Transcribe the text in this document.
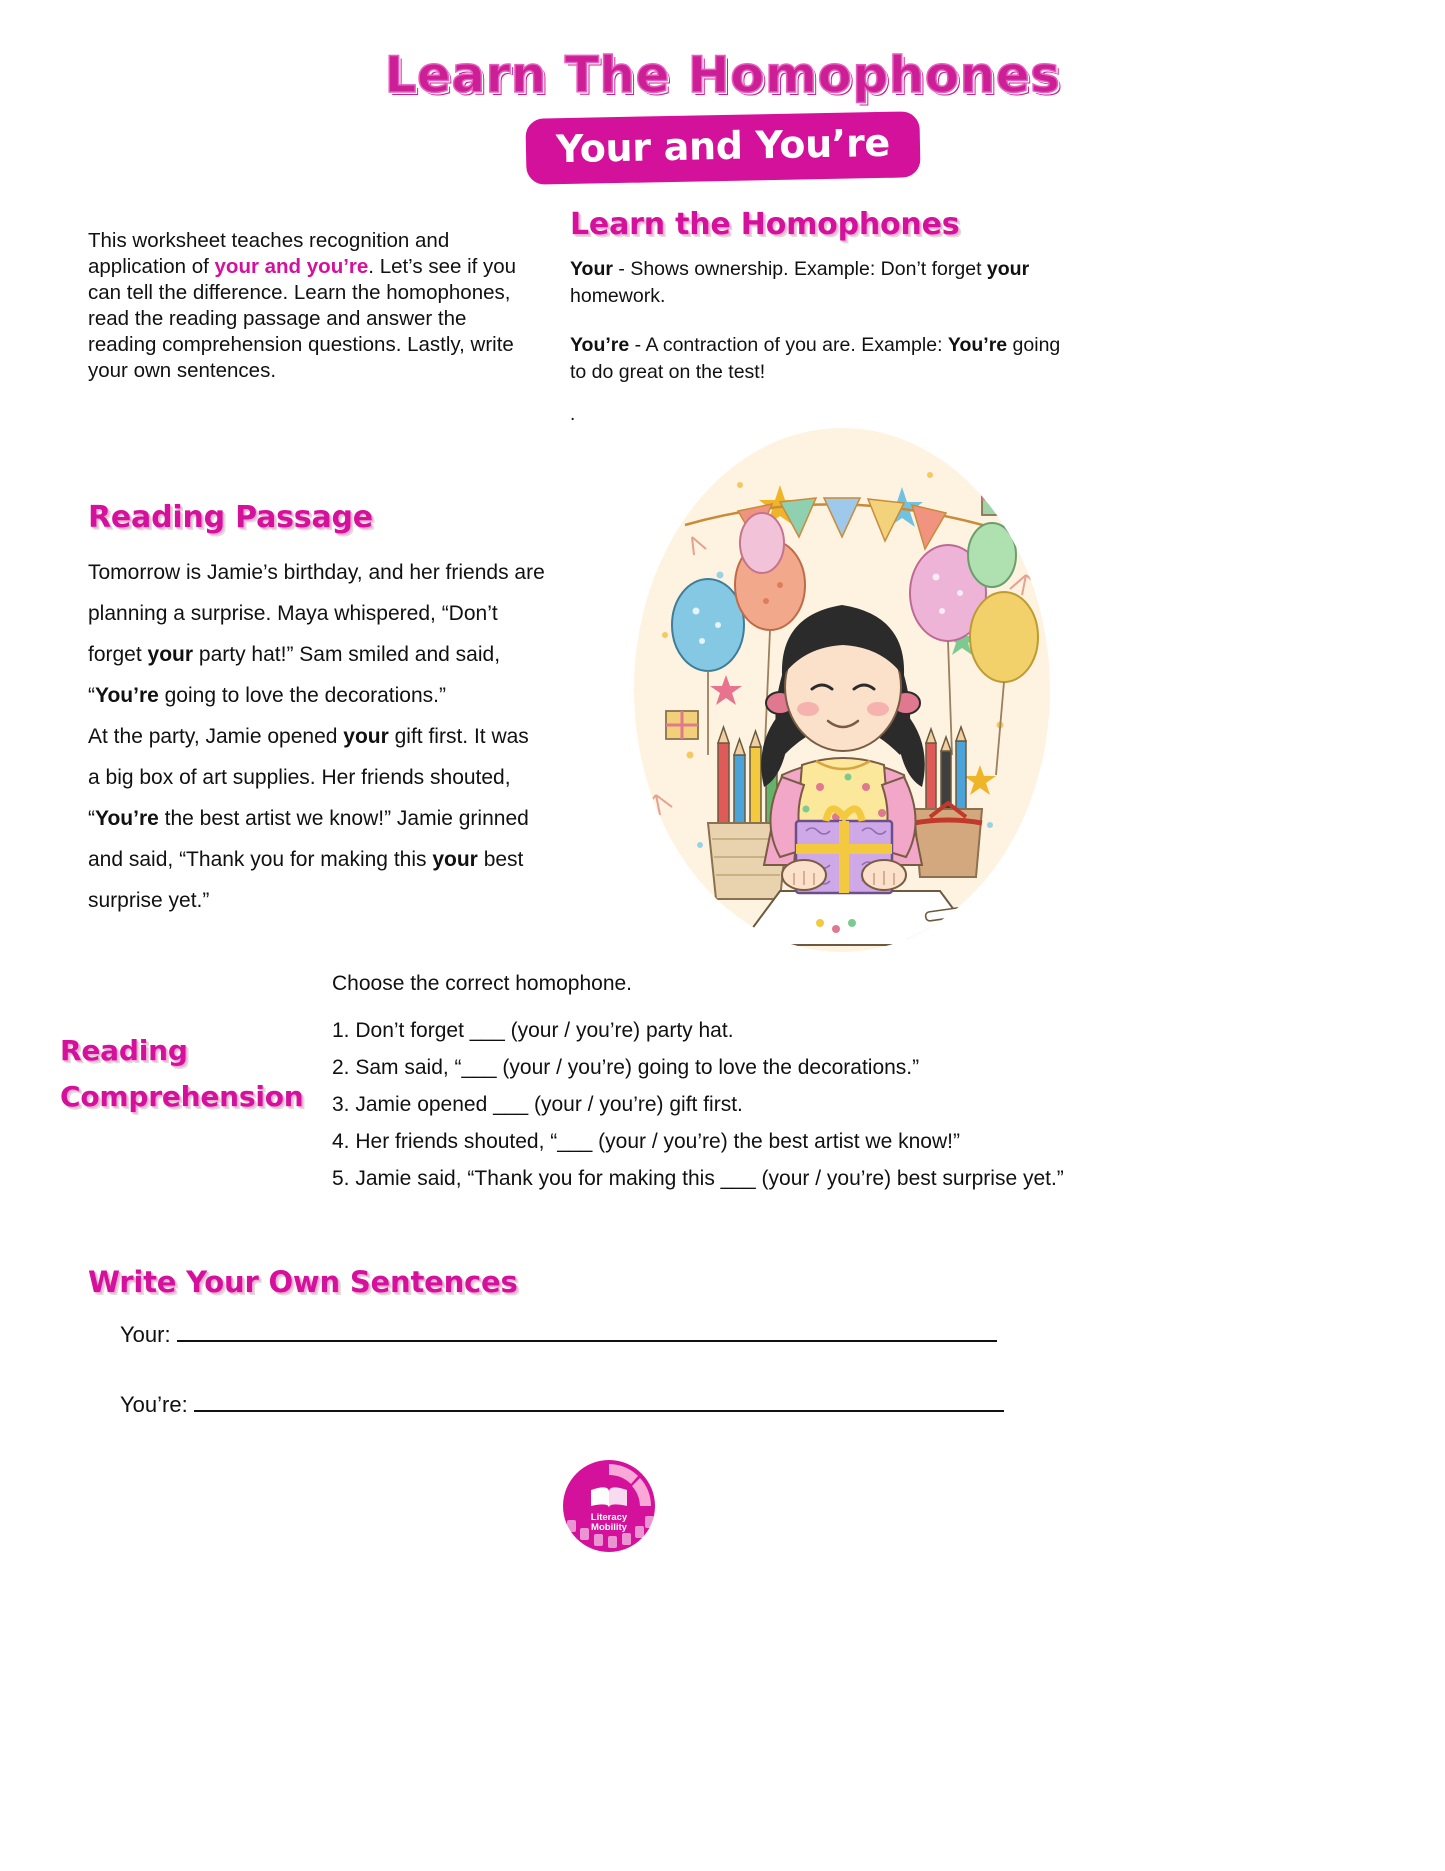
Learn The Homophones
Your and You’re
This worksheet teaches recognition and application of your and you’re. Let’s see if you can tell the difference. Learn the homophones, read the reading passage and answer the reading comprehension questions. Lastly, write your own sentences.
Learn the Homophones

Your - Shows ownership. Example: Don’t forget your homework.

You’re - A contraction of you are. Example: You’re going to do great on the test!

.

Reading Passage
Tomorrow is Jamie’s birthday, and her friends are
planning a surprise. Maya whispered, “Don’t
forget your party hat!” Sam smiled and said,
“You’re going to love the decorations.”
At the party, Jamie opened your gift first. It was
a big box of art supplies. Her friends shouted,
“You’re the best artist we know!” Jamie grinned
and said, “Thank you for making this your best
surprise yet.”
Reading
Comprehension
Choose the correct homophone.
1. Don’t forget ___ (your / you’re) party hat.
2. Sam said, “___ (your / you’re) going to love the decorations.”
3. Jamie opened ___ (your / you’re) gift first.
4. Her friends shouted, “___ (your / you’re) the best artist we know!”
5. Jamie said, “Thank you for making this ___ (your / you’re) best surprise yet.”
Write Your Own Sentences
Your:
You’re:
Literacy
Mobility
